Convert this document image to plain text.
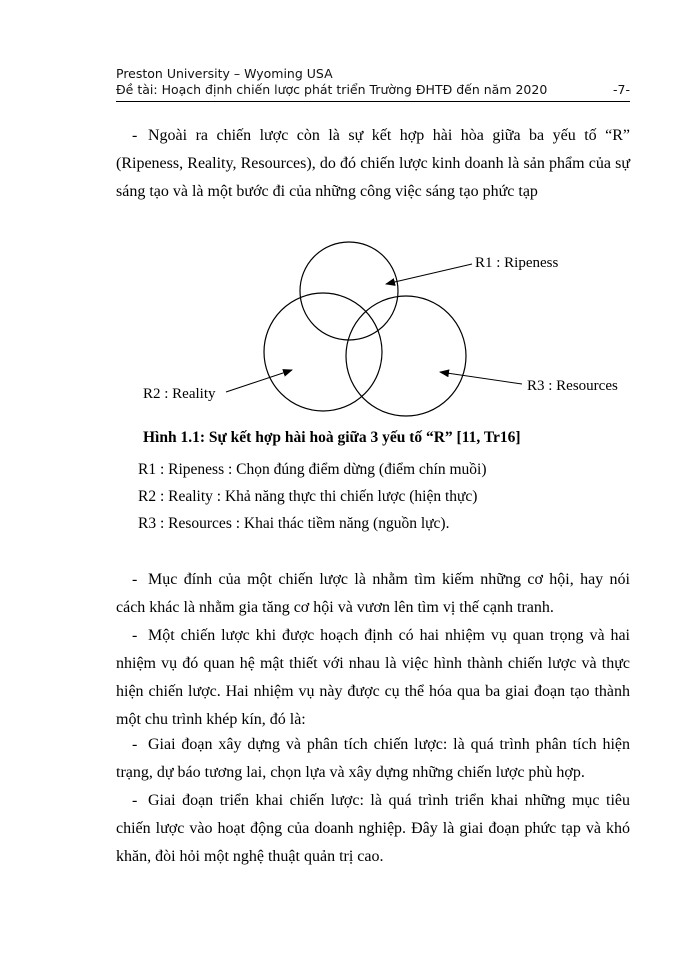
Preston University – Wyoming USA
Đề tài: Hoạch định chiến lược phát triển Trường ĐHTĐ đến năm 2020	-7-
- Ngoài ra chiến lược còn là sự kết hợp hài hòa giữa ba yếu tố “R” (Ripeness, Reality, Resources), do đó chiến lược kinh doanh là sản phẩm của sự sáng tạo và là một bước đi của những công việc sáng tạo phức tạp
R1 : Ripeness
R2 : Reality	R3 : Resources
Hình 1.1: Sự kết hợp hài hoà giữa 3 yếu tố “R” [11, Tr16]
R1 : Ripeness : Chọn đúng điểm dừng (điểm chín muồi)
R2 : Reality : Khả năng thực thi chiến lược (hiện thực)
R3 : Resources : Khai thác tiềm năng (nguồn lực).
- Mục đính của một chiến lược là nhằm tìm kiếm những cơ hội, hay nói cách khác là nhằm gia tăng cơ hội và vươn lên tìm vị thế cạnh tranh.
- Một chiến lược khi được hoạch định có hai nhiệm vụ quan trọng và hai nhiệm vụ đó quan hệ mật thiết với nhau là việc hình thành chiến lược và thực hiện chiến lược. Hai nhiệm vụ này được cụ thể hóa qua ba giai đoạn tạo thành một chu trình khép kín, đó là:
- Giai đoạn xây dựng và phân tích chiến lược: là quá trình phân tích hiện trạng, dự báo tương lai, chọn lựa và xây dựng những chiến lược phù hợp.
- Giai đoạn triển khai chiến lược: là quá trình triển khai những mục tiêu chiến lược vào hoạt động của doanh nghiệp. Đây là giai đoạn phức tạp và khó khăn, đòi hỏi một nghệ thuật quản trị cao.
